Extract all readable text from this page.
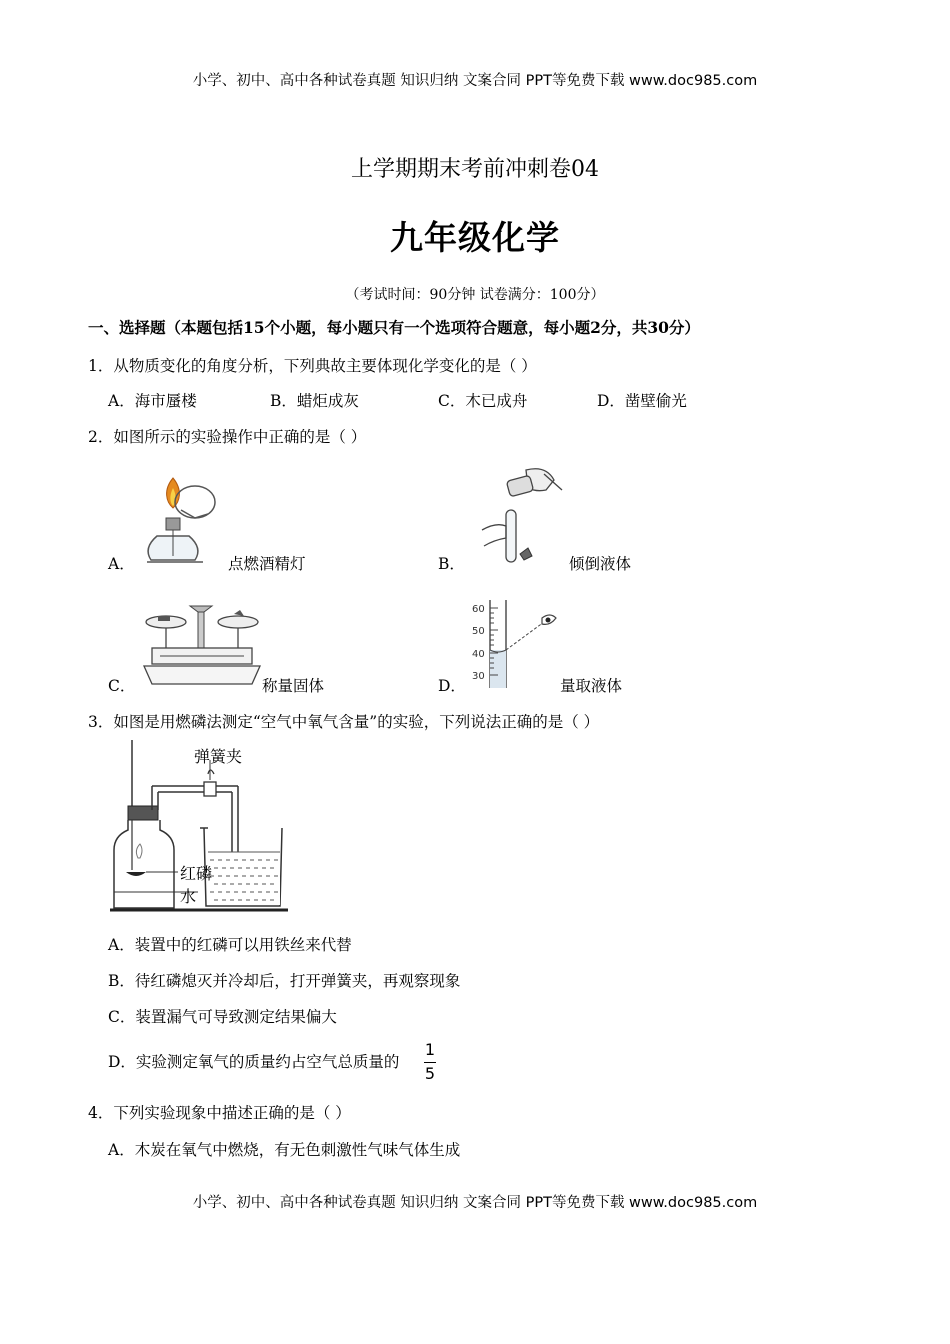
小学、初中、高中各种试卷真题 知识归纳 文案合同 PPT等免费下载 www.doc985.com
上学期期末考前冲刺卷04
九年级化学
（考试时间：90分钟 试卷满分：100分）
一、选择题（本题包括15个小题，每小题只有一个选项符合题意，每小题2分，共30分）
1．从物质变化的角度分析，下列典故主要体现化学变化的是（ ）
A．海市蜃楼	B．蜡炬成灰	C．木已成舟	D．凿壁偷光
2．如图所示的实验操作中正确的是（ ）
A．	点燃酒精灯	B．	倾倒液体
C．	称量固体
60
50
40
30
D．	量取液体
3．如图是用燃磷法测定“空气中氧气含量”的实验，下列说法正确的是（ ）
弹簧夹
红磷
水
A．装置中的红磷可以用铁丝来代替
B．待红磷熄灭并冷却后，打开弹簧夹，再观察现象
C．装置漏气可导致测定结果偏大
D．实验测定氧气的质量约占空气总质量的
1
5
4．下列实验现象中描述正确的是（ ）
A．木炭在氧气中燃烧，有无色刺激性气味气体生成
小学、初中、高中各种试卷真题 知识归纳 文案合同 PPT等免费下载 www.doc985.com
